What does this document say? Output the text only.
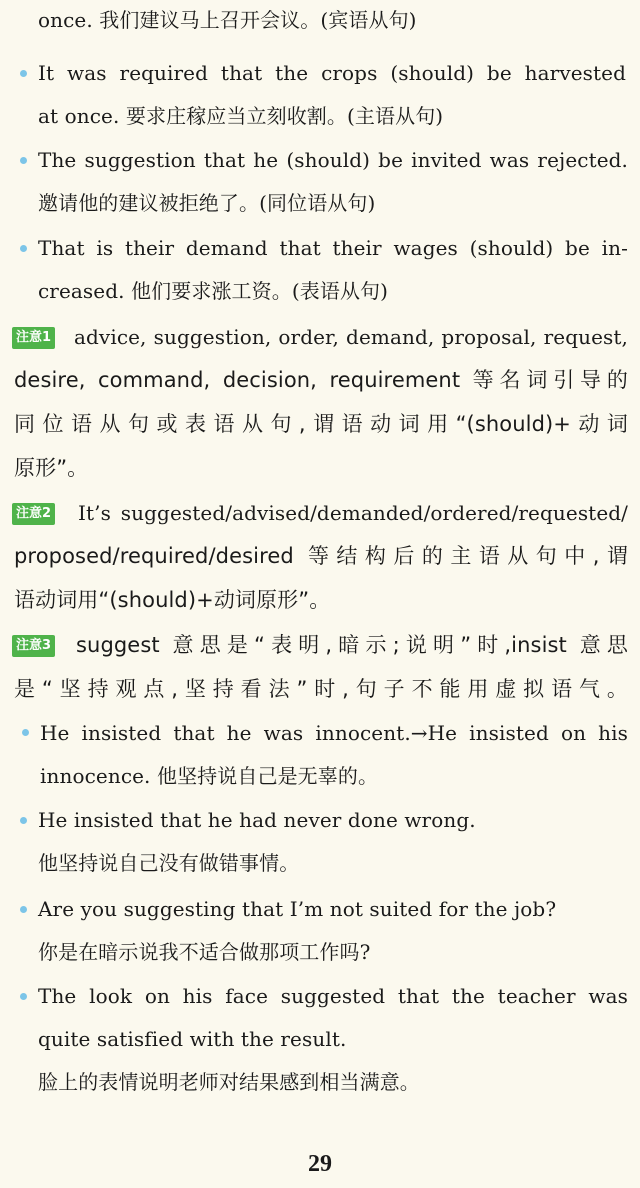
once. 我们建议马上召开会议。(宾语从句)
It was required that the crops (should) be harvested
at once. 要求庄稼应当立刻收割。(主语从句)
The suggestion that he (should) be invited was rejected.
邀请他的建议被拒绝了。(同位语从句)
That is their demand that their wages (should) be in-
creased. 他们要求涨工资。(表语从句)
注意1 advice, suggestion, order, demand, proposal, request,
desire, command, decision, requirement 等名词引导的
同位语从句或表语从句,谓语动词用“(should)+动词
原形”。
注意2 It’s suggested/advised/demanded/ordered/requested/
proposed/required/desired 等结构后的主语从句中,谓
语动词用“(should)+动词原形”。
注意3 suggest 意思是“表明,暗示;说明”时,insist 意思
是“坚持观点,坚持看法”时,句子不能用虚拟语气。
He insisted that he was innocent.→He insisted on his
innocence. 他坚持说自己是无辜的。
He insisted that he had never done wrong.
他坚持说自己没有做错事情。
Are you suggesting that I’m not suited for the job?
你是在暗示说我不适合做那项工作吗?
The look on his face suggested that the teacher was
quite satisfied with the result.
脸上的表情说明老师对结果感到相当满意。
29
